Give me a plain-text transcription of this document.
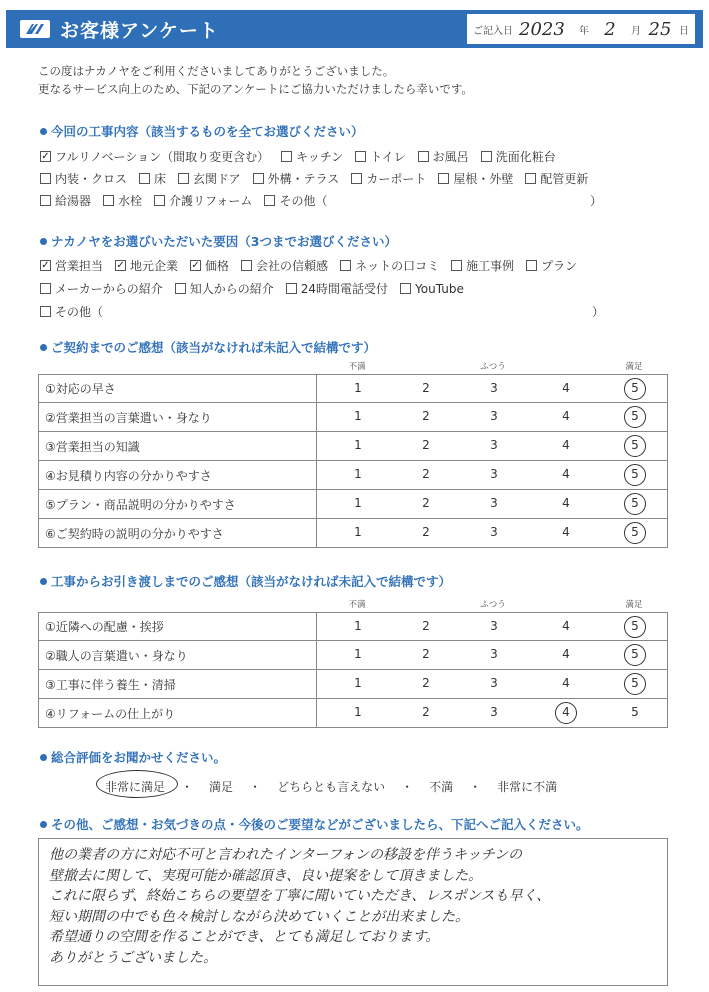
お客様アンケート	ご記入日 2023	年 2	月 25 日
この度はナカノヤをご利用くださいましてありがとうございました。
更なるサービス向上のため、下記のアンケートにご協力いただけましたら幸いです。
今回の工事内容（該当するものを全てお選びください）
✓ フルリノベーション（間取り変更含む） キッチン トイレ お風呂 洗面化粧台
内装・クロス 床 玄関ドア 外構・テラス カーポート 屋根・外壁 配管更新
給湯器 水栓 介護リフォーム その他（	）
ナカノヤをお選びいただいた要因（3つまでお選びください）
✓ 営業担当 ✓ 地元企業 ✓ 価格 会社の信頼感 ネットの口コミ 施工事例 プラン
メーカーからの紹介 知人からの紹介 24時間電話受付 YouTube
その他（	）
ご契約までのご感想（該当がなければ未記入で結構です）
不満	ふつう	満足
①対応の早さ	1	2	3	4	5
②営業担当の言葉遣い・身なり	1	2	3	4	5
③営業担当の知識	1	2	3	4	5
④お見積り内容の分かりやすさ	1	2	3	4	5
⑤プラン・商品説明の分かりやすさ	1	2	3	4	5
⑥ご契約時の説明の分かりやすさ	1	2	3	4	5
工事からお引き渡しまでのご感想（該当がなければ未記入で結構です）
不満	ふつう	満足
①近隣への配慮・挨拶	1	2	3	4	5
②職人の言葉遣い・身なり	1	2	3	4	5
③工事に伴う養生・清掃	1	2	3	4	5
④リフォームの仕上がり	1	2	3	4	5
総合評価をお聞かせください。
非常に満足 ・ 満足 ・ どちらとも言えない ・ 不満 ・ 非常に不満
その他、ご感想・お気づきの点・今後のご要望などがございましたら、下記へご記入ください。
他の業者の方に対応不可と言われたインターフォンの移設を伴うキッチンの
壁撤去に関して、実現可能か確認頂き、良い提案をして頂きました。
これに限らず、終始こちらの要望を丁寧に聞いていただき、レスポンスも早く、
短い期間の中でも色々検討しながら決めていくことが出来ました。
希望通りの空間を作ることができ、とても満足しております。
ありがとうございました。
